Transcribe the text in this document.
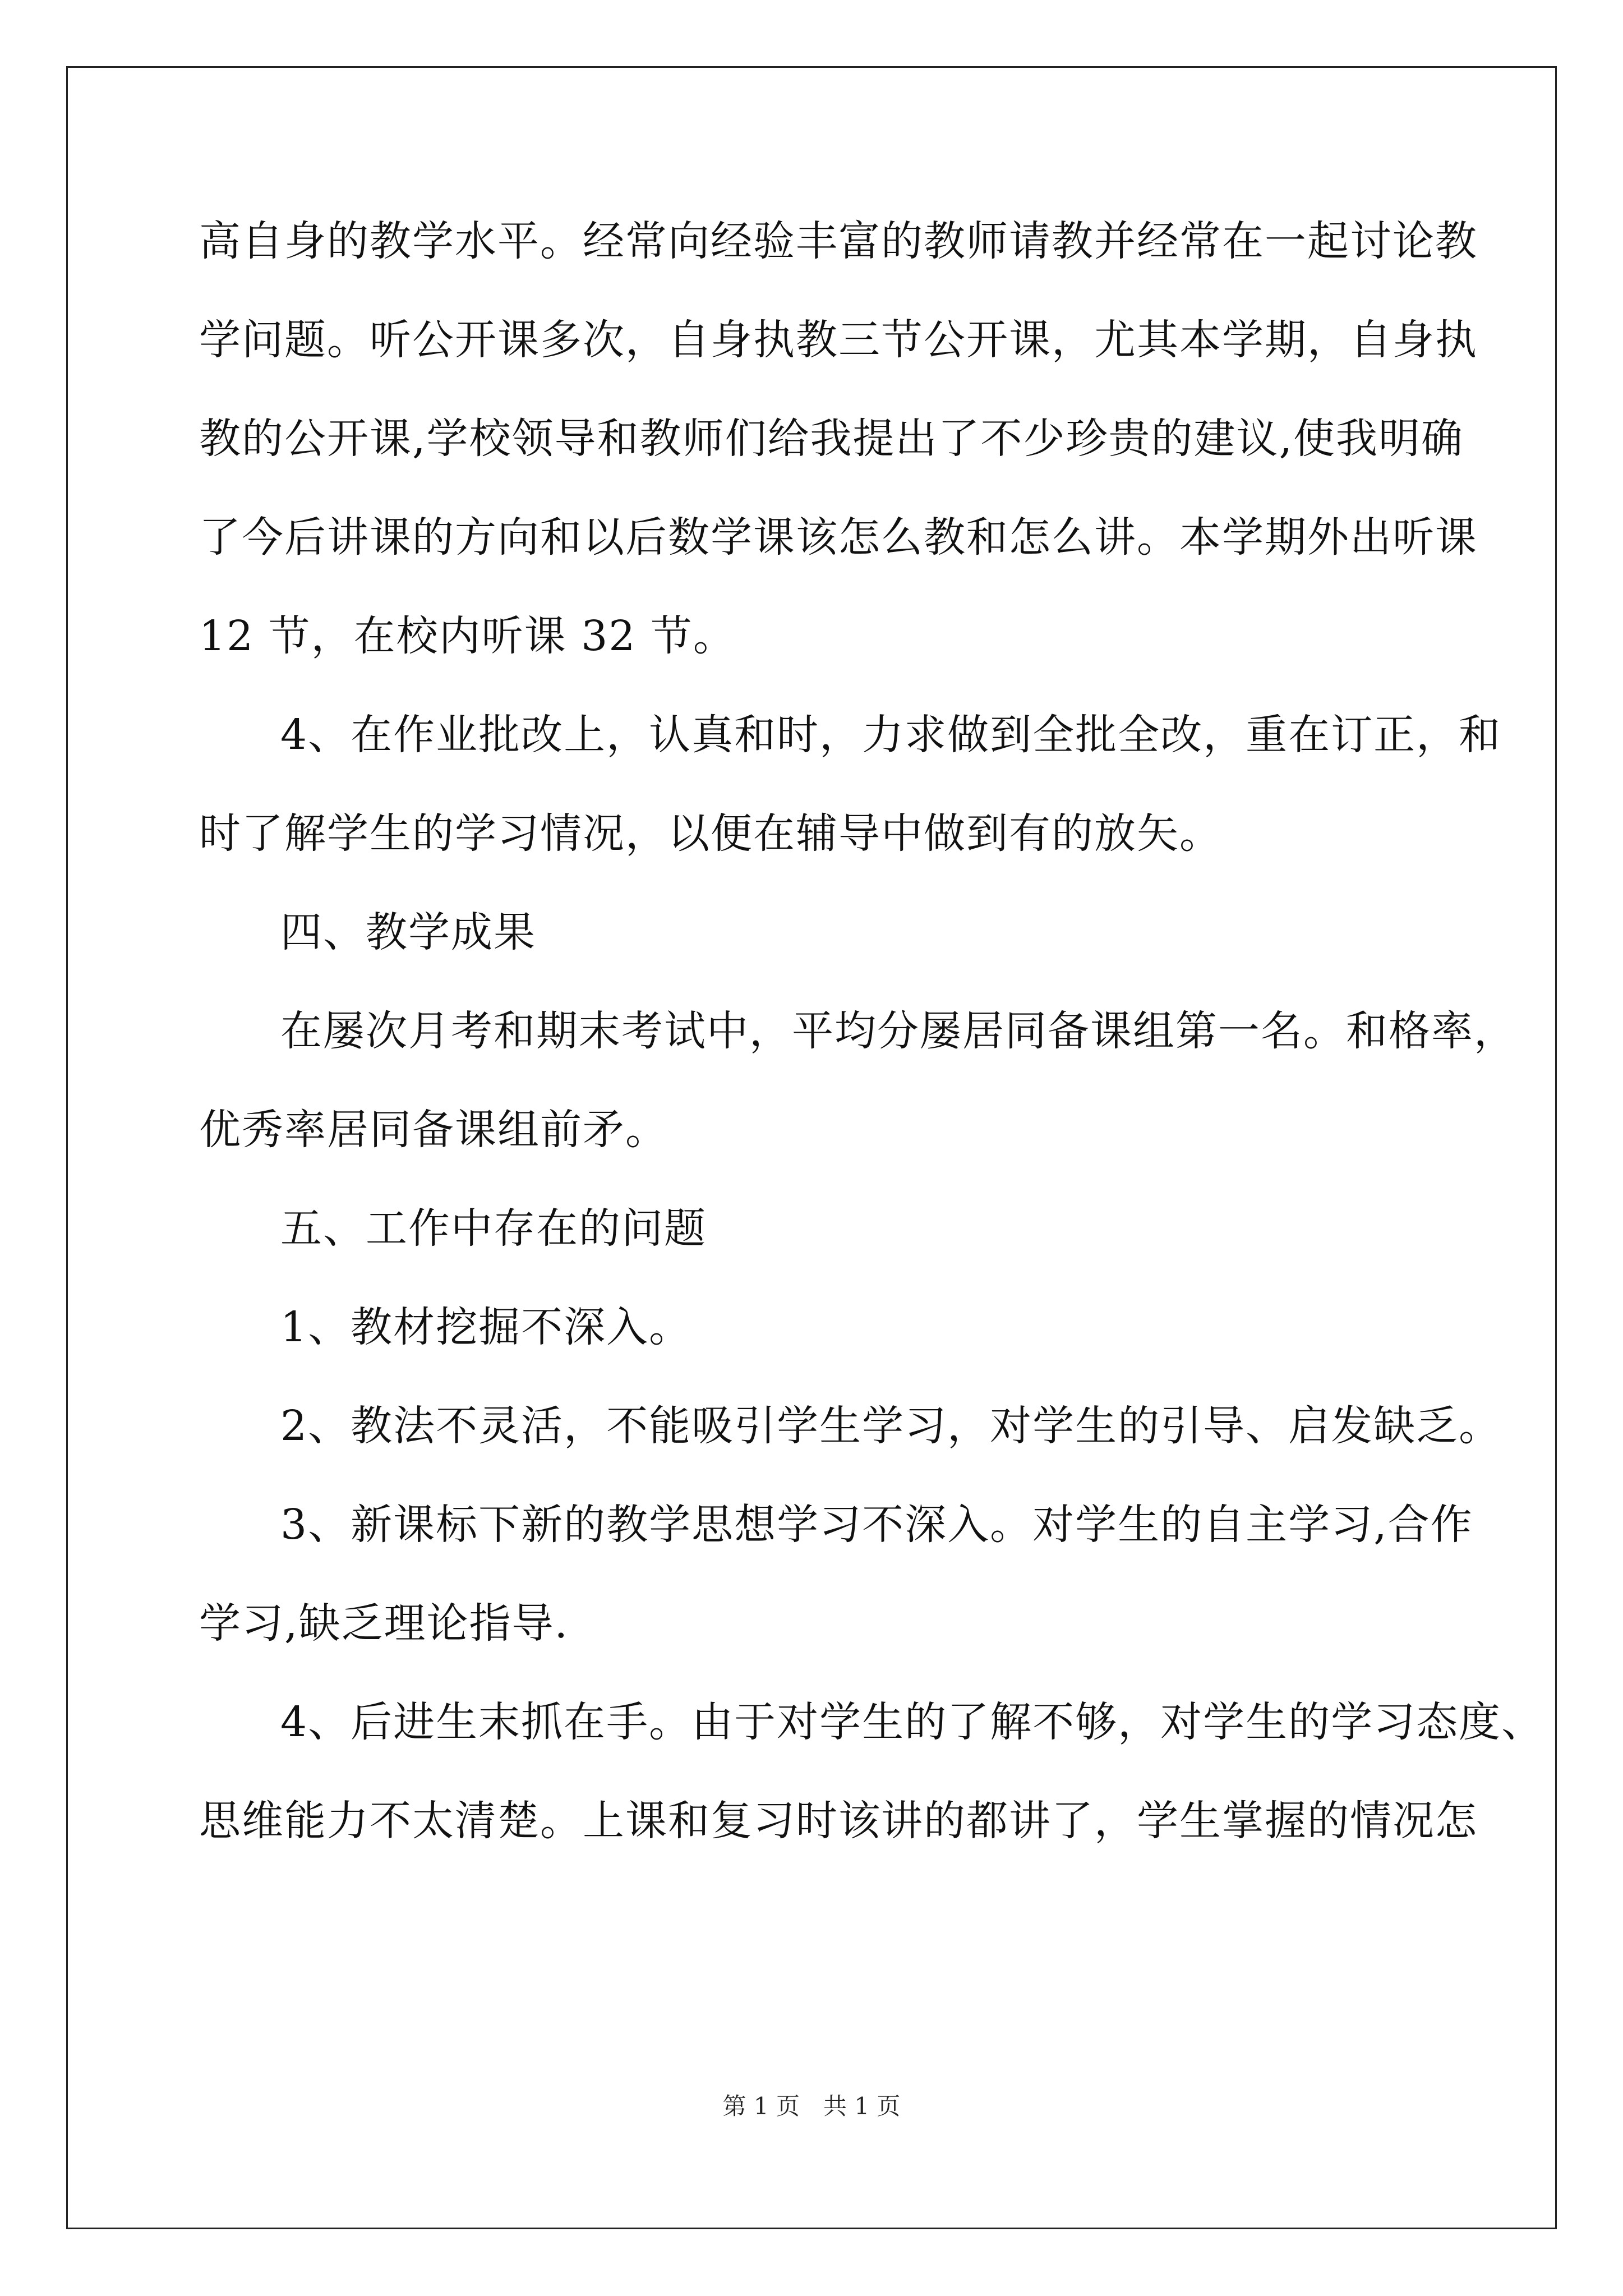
高自身的教学水平。经常向经验丰富的教师请教并经常在一起讨论教
学问题。听公开课多次，自身执教三节公开课，尤其本学期，自身执
教的公开课,学校领导和教师们给我提出了不少珍贵的建议,使我明确
了今后讲课的方向和以后数学课该怎么教和怎么讲。本学期外出听课
12 节，在校内听课 32 节。
4、在作业批改上，认真和时，力求做到全批全改，重在订正，和
时了解学生的学习情况，以便在辅导中做到有的放矢。
四、教学成果
在屡次月考和期末考试中，平均分屡居同备课组第一名。和格率，
优秀率居同备课组前矛。
五、工作中存在的问题
1、教材挖掘不深入。
2、教法不灵活，不能吸引学生学习，对学生的引导、启发缺乏。
3、新课标下新的教学思想学习不深入。对学生的自主学习,合作
学习,缺乏理论指导.
4、后进生末抓在手。由于对学生的了解不够，对学生的学习态度、
思维能力不太清楚。上课和复习时该讲的都讲了，学生掌握的情况怎
第 1 页　共 1 页
